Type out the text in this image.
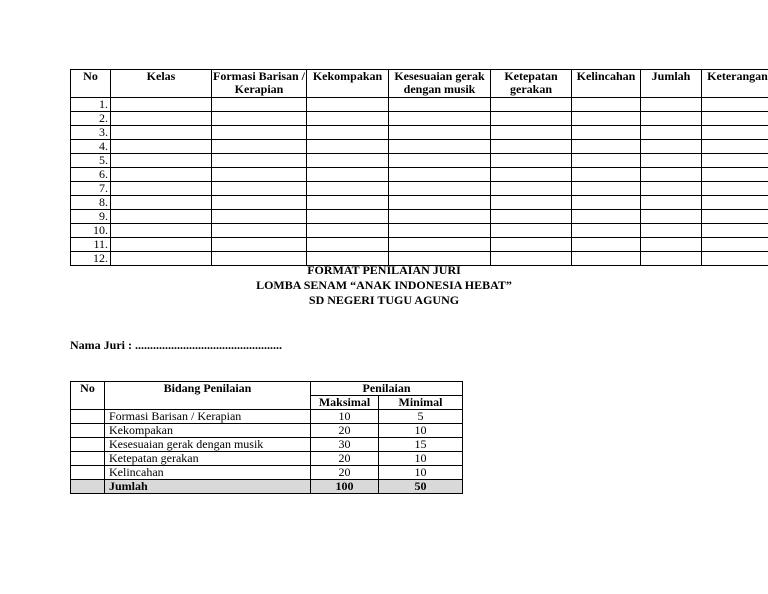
No	Kelas	Formasi Barisan / Kerapian	Kekompakan	Kesesuaian gerak dengan musik	Ketepatan gerakan	Kelincahan	Jumlah	Keterangan
1.								
2.								
3.								
4.								
5.								
6.								
7.								
8.								
9.								
10.								
11.								
12.								
FORMAT PENILAIAN JURI
LOMBA SENAM “ANAK INDONESIA HEBAT”
SD NEGERI TUGU AGUNG
Nama Juri : .................................................
No	Bidang Penilaian	Penilaian	
		Maksimal	Minimal
	Formasi Barisan / Kerapian	10	5
	Kekompakan	20	10
	Kesesuaian gerak dengan musik	30	15
	Ketepatan gerakan	20	10
	Kelincahan	20	10
	Jumlah	100	50
